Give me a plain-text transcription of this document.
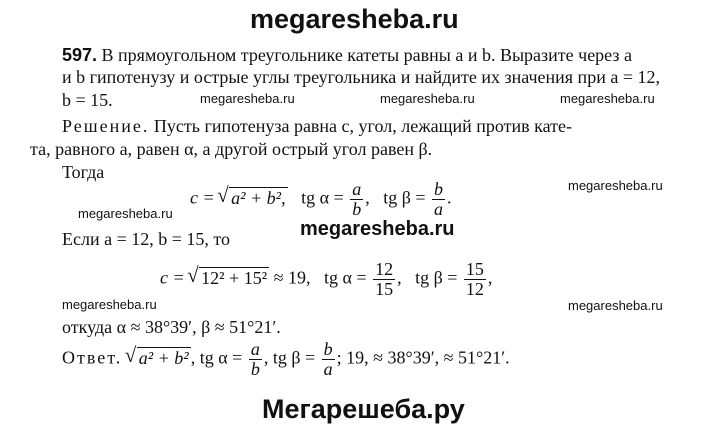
megaresheba.ru
megaresheba.ru	megaresheba.ru	megaresheba.ru
megaresheba.ru
megaresheba.ru
megaresheba.ru
megaresheba.ru	megaresheba.ru
Мегарешеба.ру
597. В прямоугольном треугольнике катеты равны a и b. Выразите через a
и b гипотенузу и острые углы треугольника и найдите их значения при a = 12,
b = 15.
Решение. Пусть гипотенуза равна c, угол, лежащий против кате-
та, равного a, равен α, а другой острый угол равен β.
Тогда
c = √ a² + b², tg $\alpha = \frac{a}{b}$ ,   tg $\beta = \frac{b}{a}$ .
Если a = 12, b = 15, то
c = √ 12² + 15² ≈ 19, tg $\alpha = \frac{12}{15}$ ,   tg $\beta = \frac{15}{12}$ ,
откуда α ≈ 38°39′, β ≈ 51°21′.
Ответ. √ a² + b² , tg $\alpha = \frac{a}{b}$ , tg $\beta = \frac{b}{a}$ ; 19, ≈ 38°39′, ≈ 51°21′.
